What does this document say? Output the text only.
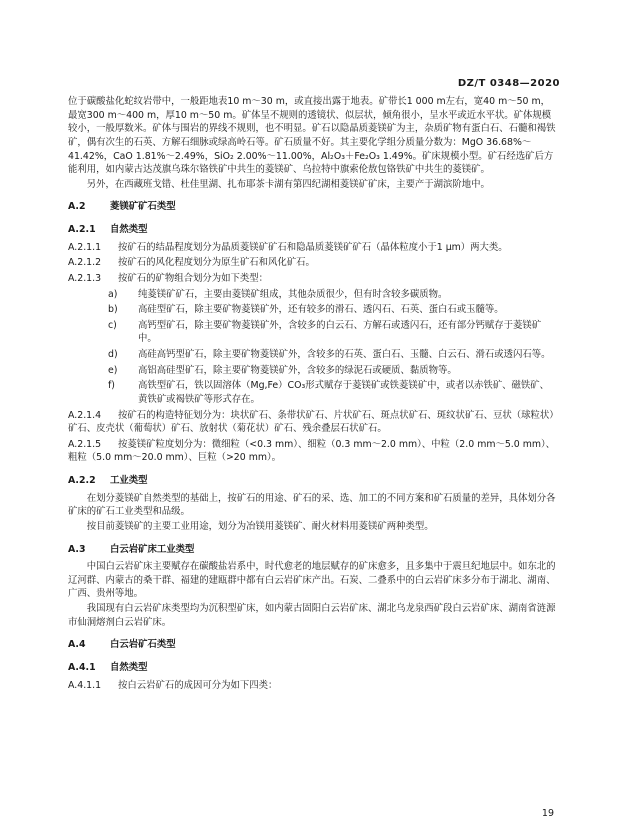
DZ/T 0348—2020

位于碳酸盐化蛇纹岩带中，一般距地表10 m～30 m，或直接出露于地表。矿带长1 000 m左右，宽40 m～50 m，最宽300 m～400 m，厚10 m～50 m。矿体呈不规则的透镜状、似层状，倾角很小，呈水平或近水平状。矿体规模较小，一般厚数米。矿体与围岩的界线不规则，也不明显。矿石以隐晶质菱镁矿为主，杂质矿物有蛋白石、石髓和褐铁矿，偶有次生的石英、方解石细脉或绿高岭石等。矿石质量不好。其主要化学组分质量分数为：MgO 36.68%～41.42%，CaO 1.81%～2.49%，SiO₂ 2.00%～11.00%，Al₂O₃＋Fe₂O₃ 1.49%。矿床规模小型。矿石经选矿后方能利用，如内蒙古达茂旗乌珠尔铬铁矿中共生的菱镁矿、乌拉特中旗索伦敖包铬铁矿中共生的菱镁矿。

另外，在西藏班戈错、杜佳里湖、扎布耶茶卡湖有第四纪湖相菱镁矿矿床，主要产于湖滨阶地中。

A.2	菱镁矿矿石类型

A.2.1 自然类型

A.2.1.1 按矿石的结晶程度划分为晶质菱镁矿矿石和隐晶质菱镁矿矿石（晶体粒度小于1 μm）两大类。

A.2.1.2 按矿石的风化程度划分为原生矿石和风化矿石。

A.2.1.3 按矿石的矿物组合划分为如下类型：

a) 纯菱镁矿矿石，主要由菱镁矿组成，其他杂质很少，但有时含较多碳质物。

b) 高硅型矿石，除主要矿物菱镁矿外，还有较多的滑石、透闪石、石英、蛋白石或玉髓等。

c) 高钙型矿石，除主要矿物菱镁矿外，含较多的白云石、方解石或透闪石，还有部分钙赋存于菱镁矿中。

d) 高硅高钙型矿石，除主要矿物菱镁矿外，含较多的石英、蛋白石、玉髓、白云石、滑石或透闪石等。

e) 高铝高硅型矿石，除主要矿物菱镁矿外，含较多的绿泥石或硬质、黏质物等。

f) 高铁型矿石，铁以固溶体（Mg,Fe）CO₃形式赋存于菱镁矿或铁菱镁矿中，或者以赤铁矿、磁铁矿、黄铁矿或褐铁矿等形式存在。

A.2.1.4 按矿石的构造特征划分为：块状矿石、条带状矿石、片状矿石、斑点状矿石、斑纹状矿石、豆状（球粒状）矿石、皮壳状（葡萄状）矿石、放射状（菊花状）矿石、残余叠层石状矿石。

A.2.1.5 按菱镁矿粒度划分为：微细粒（<0.3 mm）、细粒（0.3 mm～2.0 mm）、中粒（2.0 mm～5.0 mm）、粗粒（5.0 mm～20.0 mm）、巨粒（>20 mm）。

A.2.2 工业类型

在划分菱镁矿自然类型的基础上，按矿石的用途、矿石的采、选、加工的不同方案和矿石质量的差异，具体划分各矿床的矿石工业类型和品级。

按目前菱镁矿的主要工业用途，划分为冶镁用菱镁矿、耐火材料用菱镁矿两种类型。

A.3	白云岩矿床工业类型

中国白云岩矿床主要赋存在碳酸盐岩系中，时代愈老的地层赋存的矿床愈多，且多集中于震旦纪地层中。如东北的辽河群、内蒙古的桑干群、福建的建瓯群中都有白云岩矿床产出。石炭、二叠系中的白云岩矿床多分布于湖北、湖南、广西、贵州等地。

我国现有白云岩矿床类型均为沉积型矿床，如内蒙古固阳白云岩矿床、湖北乌龙泉西矿段白云岩矿床、湖南省涟源市仙洞熔剂白云岩矿床。

A.4	白云岩矿石类型

A.4.1 自然类型

A.4.1.1 按白云岩矿石的成因可分为如下四类：

19
